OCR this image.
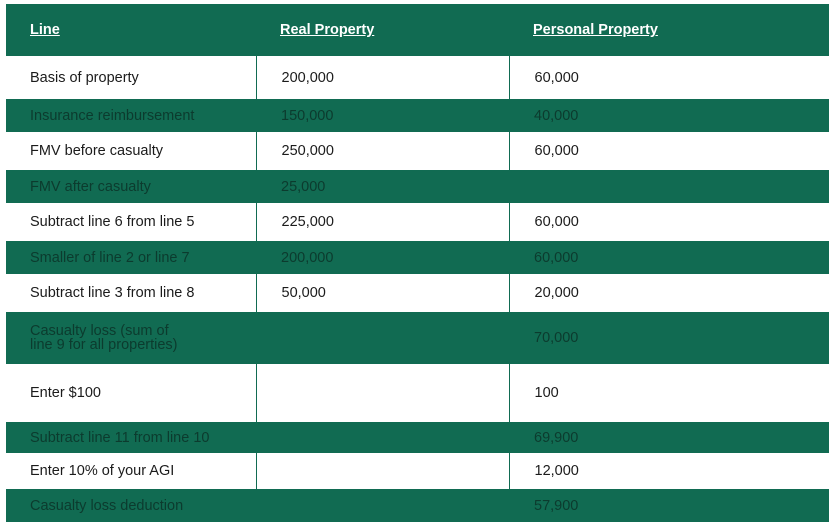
Line	Real Property	Personal Property
Basis of property	200,000	60,000
Insurance reimbursement	150,000	40,000
FMV before casualty	250,000	60,000
FMV after casualty	25,000	
Subtract line 6 from line 5	225,000	60,000
Smaller of line 2 or line 7	200,000	60,000
Subtract line 3 from line 8	50,000	20,000
Casualty loss (sum of
line 9 for all properties)		70,000
Enter $100		100
Subtract line 11 from line 10		69,900
Enter 10% of your AGI		12,000
Casualty loss deduction		57,900
